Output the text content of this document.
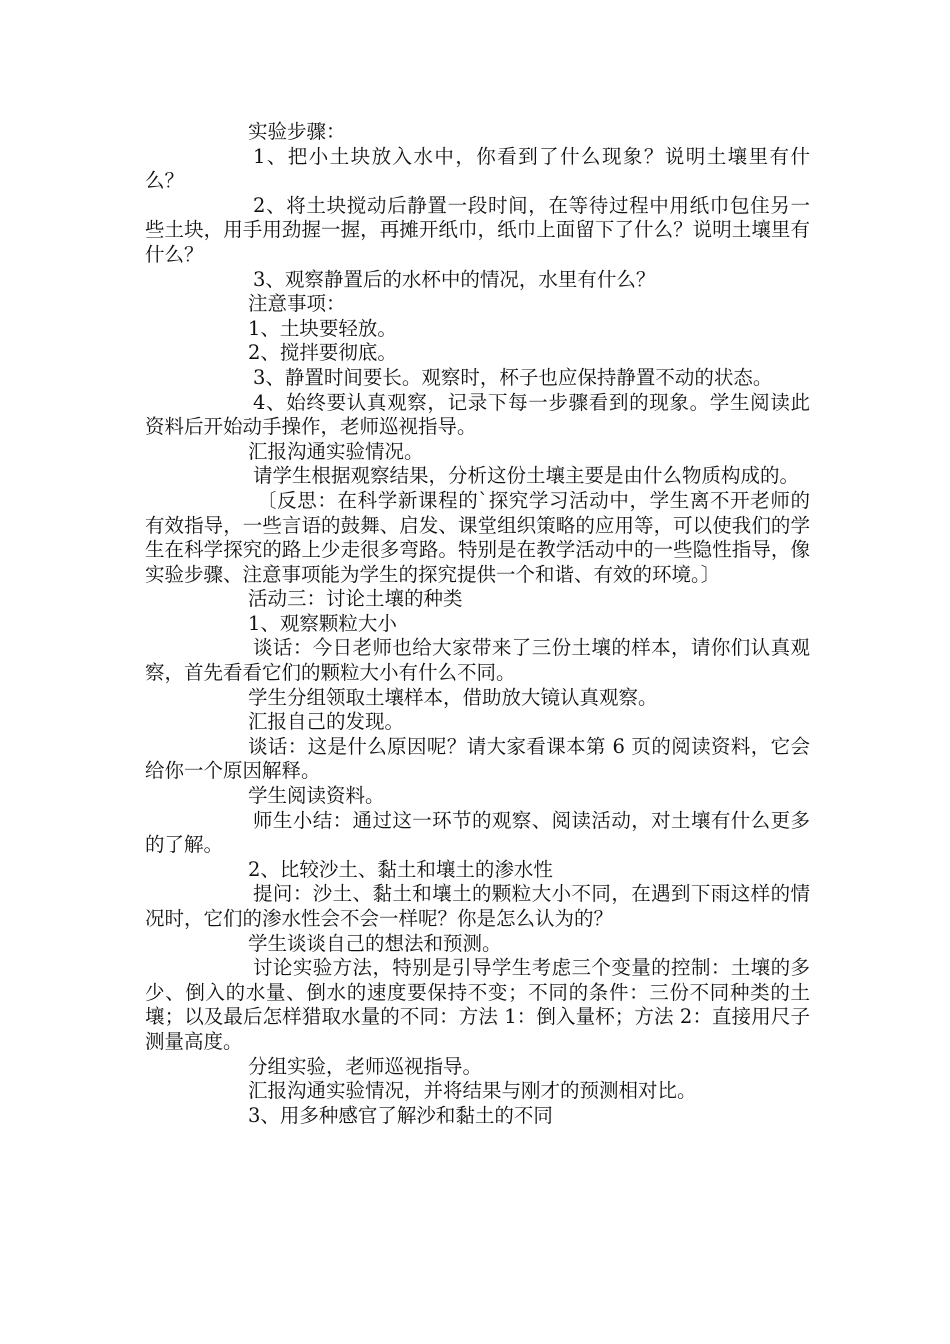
实验步骤：

1、把小土块放入水中，你看到了什么现象？说明土壤里有什么？

2、将土块搅动后静置一段时间，在等待过程中用纸巾包住另一些土块，用手用劲握一握，再摊开纸巾，纸巾上面留下了什么？说明土壤里有什么？

3、观察静置后的水杯中的情况，水里有什么？

注意事项：

1、土块要轻放。

2、搅拌要彻底。

3、静置时间要长。观察时，杯子也应保持静置不动的状态。

4、始终要认真观察，记录下每一步骤看到的现象。学生阅读此资料后开始动手操作，老师巡视指导。

汇报沟通实验情况。

请学生根据观察结果，分析这份土壤主要是由什么物质构成的。

〔反思：在科学新课程的`探究学习活动中，学生离不开老师的有效指导，一些言语的鼓舞、启发、课堂组织策略的应用等，可以使我们的学生在科学探究的路上少走很多弯路。特别是在教学活动中的一些隐性指导，像实验步骤、注意事项能为学生的探究提供一个和谐、有效的环境。〕

活动三：讨论土壤的种类

1、观察颗粒大小

谈话：今日老师也给大家带来了三份土壤的样本，请你们认真观察，首先看看它们的颗粒大小有什么不同。

学生分组领取土壤样本，借助放大镜认真观察。

汇报自己的发现。

谈话：这是什么原因呢？请大家看课本第 6 页的阅读资料，它会给你一个原因解释。

学生阅读资料。

师生小结：通过这一环节的观察、阅读活动，对土壤有什么更多的了解。

2、比较沙土、黏土和壤土的渗水性

提问：沙土、黏土和壤土的颗粒大小不同，在遇到下雨这样的情况时，它们的渗水性会不会一样呢？你是怎么认为的？

学生谈谈自己的想法和预测。

讨论实验方法，特别是引导学生考虑三个变量的控制：土壤的多少、倒入的水量、倒水的速度要保持不变；不同的条件：三份不同种类的土壤；以及最后怎样猎取水量的不同：方法 1：倒入量杯；方法 2：直接用尺子测量高度。

分组实验，老师巡视指导。

汇报沟通实验情况，并将结果与刚才的预测相对比。

3、用多种感官了解沙和黏土的不同
